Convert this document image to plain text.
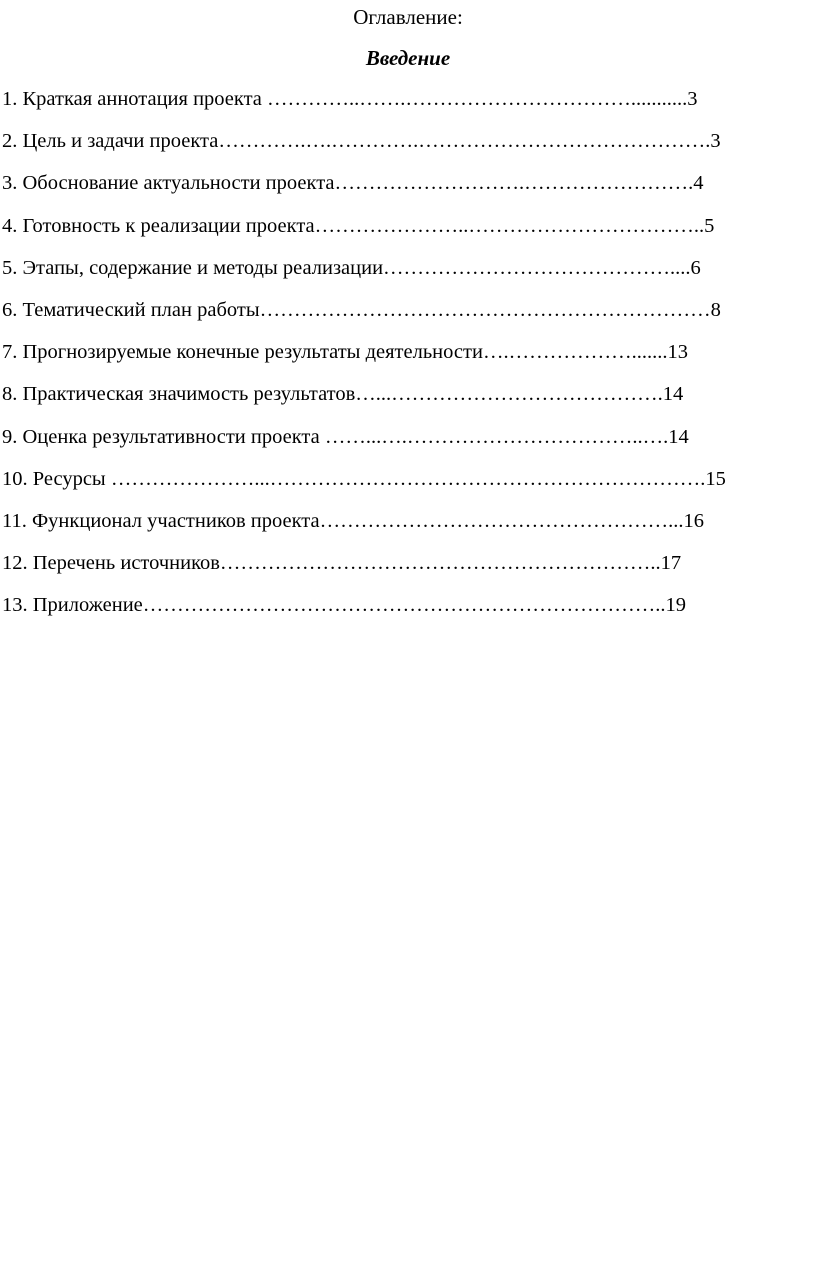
Оглавление:
Введение
1. Краткая аннотация проекта …………..…….……………………………...........3
2. Цель и задачи проекта………….….………….…………………………………….3
3. Обоснование актуальности проекта……………………….…………………….4
4. Готовность к реализации проекта…………………..……………………………..5
5. Этапы, содержание и методы реализации……………………………………....6
6. Тематический план работы…………………………………………………………8
7. Прогнозируемые конечные результаты деятельности….……………….......13
8. Практическая значимость результатов…...………………………………….14
9. Оценка результативности проекта ……...….……………………………..….14
10. Ресурсы …………………...……………………………………………………….15
11. Функционал участников проекта……………………………………………...16
12. Перечень источников………………………………………………………..17
13. Приложение…………………………………………………………………..19
